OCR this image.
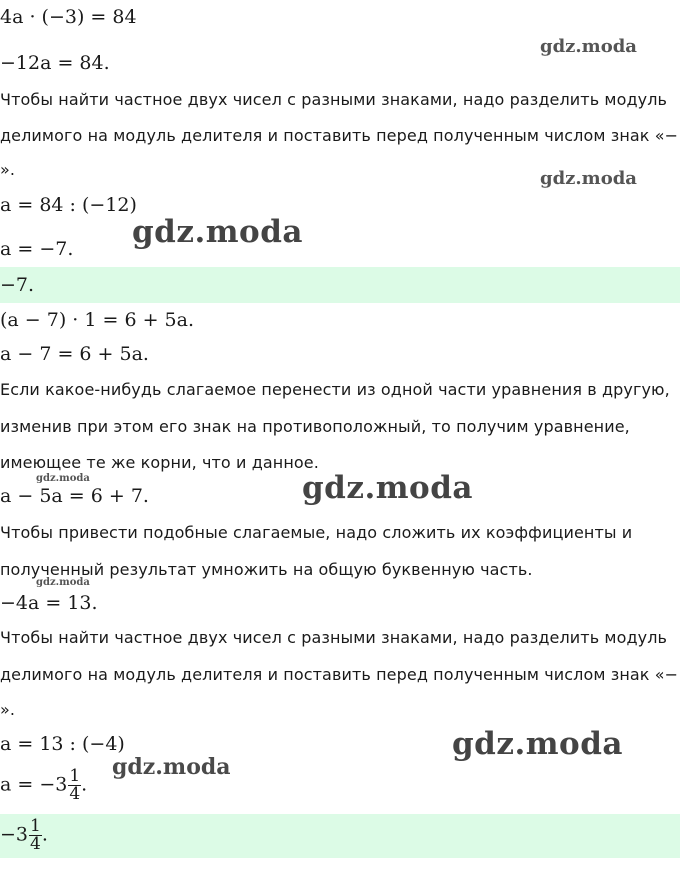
4a · (−3) = 84
−12a = 84.
Чтобы найти частное двух чисел с разными знаками, надо разделить модуль
делимого на модуль делителя и поставить перед полученным числом знак «−
».
a = 84 : (−12)
a = −7.
−7.
(a − 7) · 1 = 6 + 5a.
a − 7 = 6 + 5a.
Если какое-нибудь слагаемое перенести из одной части уравнения в другую,
изменив при этом его знак на противоположный, то получим уравнение,
имеющее те же корни, что и данное.
a − 5a = 6 + 7.
Чтобы привести подобные слагаемые, надо сложить их коэффициенты и
полученный результат умножить на общую буквенную часть.
−4a = 13.
Чтобы найти частное двух чисел с разными знаками, надо разделить модуль
делимого на модуль делителя и поставить перед полученным числом знак «−
».
a = 13 : (−4)
$a = -3 \frac{1}{4}$ .
$-3 \frac{1}{4}$ .
gdz.moda
gdz.moda
gdz.moda
gdz.moda	gdz.moda
gdz.moda
gdz.moda
gdz.moda
